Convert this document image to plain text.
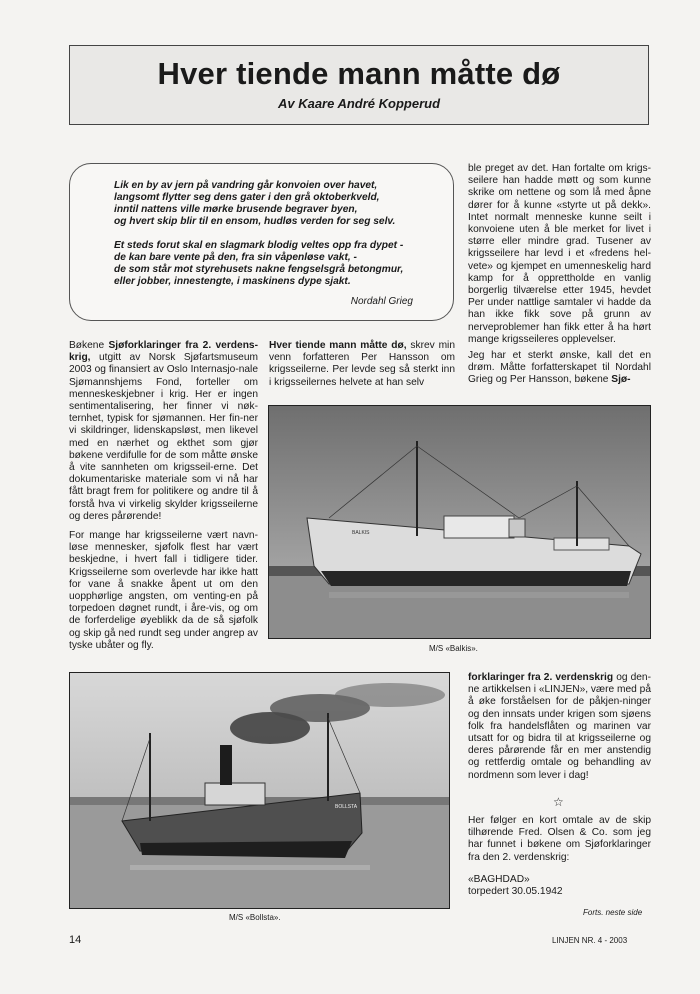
Hver tiende mann måtte dø
Av Kaare André Kopperud
Lik en by av jern på vandring går konvoien over havet,
langsomt flytter seg dens gater i den grå oktoberkveld,
inntil nattens ville mørke brusende begraver byen,
og hvert skip blir til en ensom, hudløs verden for seg selv.
Et steds forut skal en slagmark blodig veltes opp fra dypet -
de kan bare vente på den, fra sin våpenløse vakt, -
de som står mot styrehusets nakne fengselsgrå betongmur,
eller jobber, innestengte, i maskinens dype sjakt.
Nordahl Grieg
Bøkene Sjøforklaringer fra 2. verdens-krig, utgitt av Norsk Sjøfartsmuseum 2003 og finansiert av Oslo Internasjo-nale Sjømannshjems Fond, forteller om menneskeskjebner i krig. Her er ingen sentimentalisering, her finner vi nøk-ternhet, typisk for sjømannen. Her fin-ner vi skildringer, lidenskapsløst, men likevel med en nærhet og ekthet som gjør bøkene verdifulle for de som måtte ønske å vite sannheten om krigsseil-erne. Det dokumentariske materiale som vi nå har fått bragt frem for politikere og andre til å forstå hva vi virkelig skylder krigsseilerne og deres pårørende!
For mange har krigsseilerne vært navn-løse mennesker, sjøfolk flest har vært beskjedne, i hvert fall i tidligere tider. Krigsseilerne som overlevde har ikke hatt for vane å snakke åpent ut om den uopphørlige angsten, om venting-en på torpedoen døgnet rundt, i åre-vis, og om de forferdelige øyeblikk da de så sjøfolk og skip gå ned rundt seg under angrep av tyske ubåter og fly.
Hver tiende mann måtte dø, skrev min venn forfatteren Per Hansson om krigsseilerne. Per levde seg så sterkt inn i krigsseilernes helvete at han selv
ble preget av det. Han fortalte om krigs-seilere han hadde møtt og som kunne skrike om nettene og som lå med åpne dører for å kunne «styrte ut på dekk». Intet normalt menneske kunne seilt i konvoiene uten å ble merket for livet i større eller mindre grad. Tusener av krigsseilere har levd i et «fredens hel-vete» og kjempet en umenneskelig hard kamp for å opprettholde en vanlig borgerlig tilværelse etter 1945, hevdet Per under nattlige samtaler vi hadde da han ikke fikk sove på grunn av nerveproblemer han fikk etter å ha hørt mange krigsseileres opplevelser.
Jeg har et sterkt ønske, kall det en drøm. Måtte forfatterskapet til Nordahl Grieg og Per Hansson, bøkene Sjø-
BALKIS
M/S «Balkis».
BOLLSTA
M/S «Bollsta».
forklaringer fra 2. verdenskrig og den-ne artikkelsen i «LINJEN», være med på å øke forståelsen for de påkjen-ninger og den innsats under krigen som sjøens folk fra handelsflåten og marinen var utsatt for og bidra til at krigsseilerne og deres pårørende får en mer anstendig og rettferdig omtale og behandling av nordmenn som lever i dag!
☆
Her følger en kort omtale av de skip tilhørende Fred. Olsen & Co. som jeg har funnet i bøkene om Sjøforklaringer fra den 2. verdenskrig:
«BAGHDAD»
torpedert 30.05.1942
Forts. neste side
14	LINJEN NR. 4 - 2003
